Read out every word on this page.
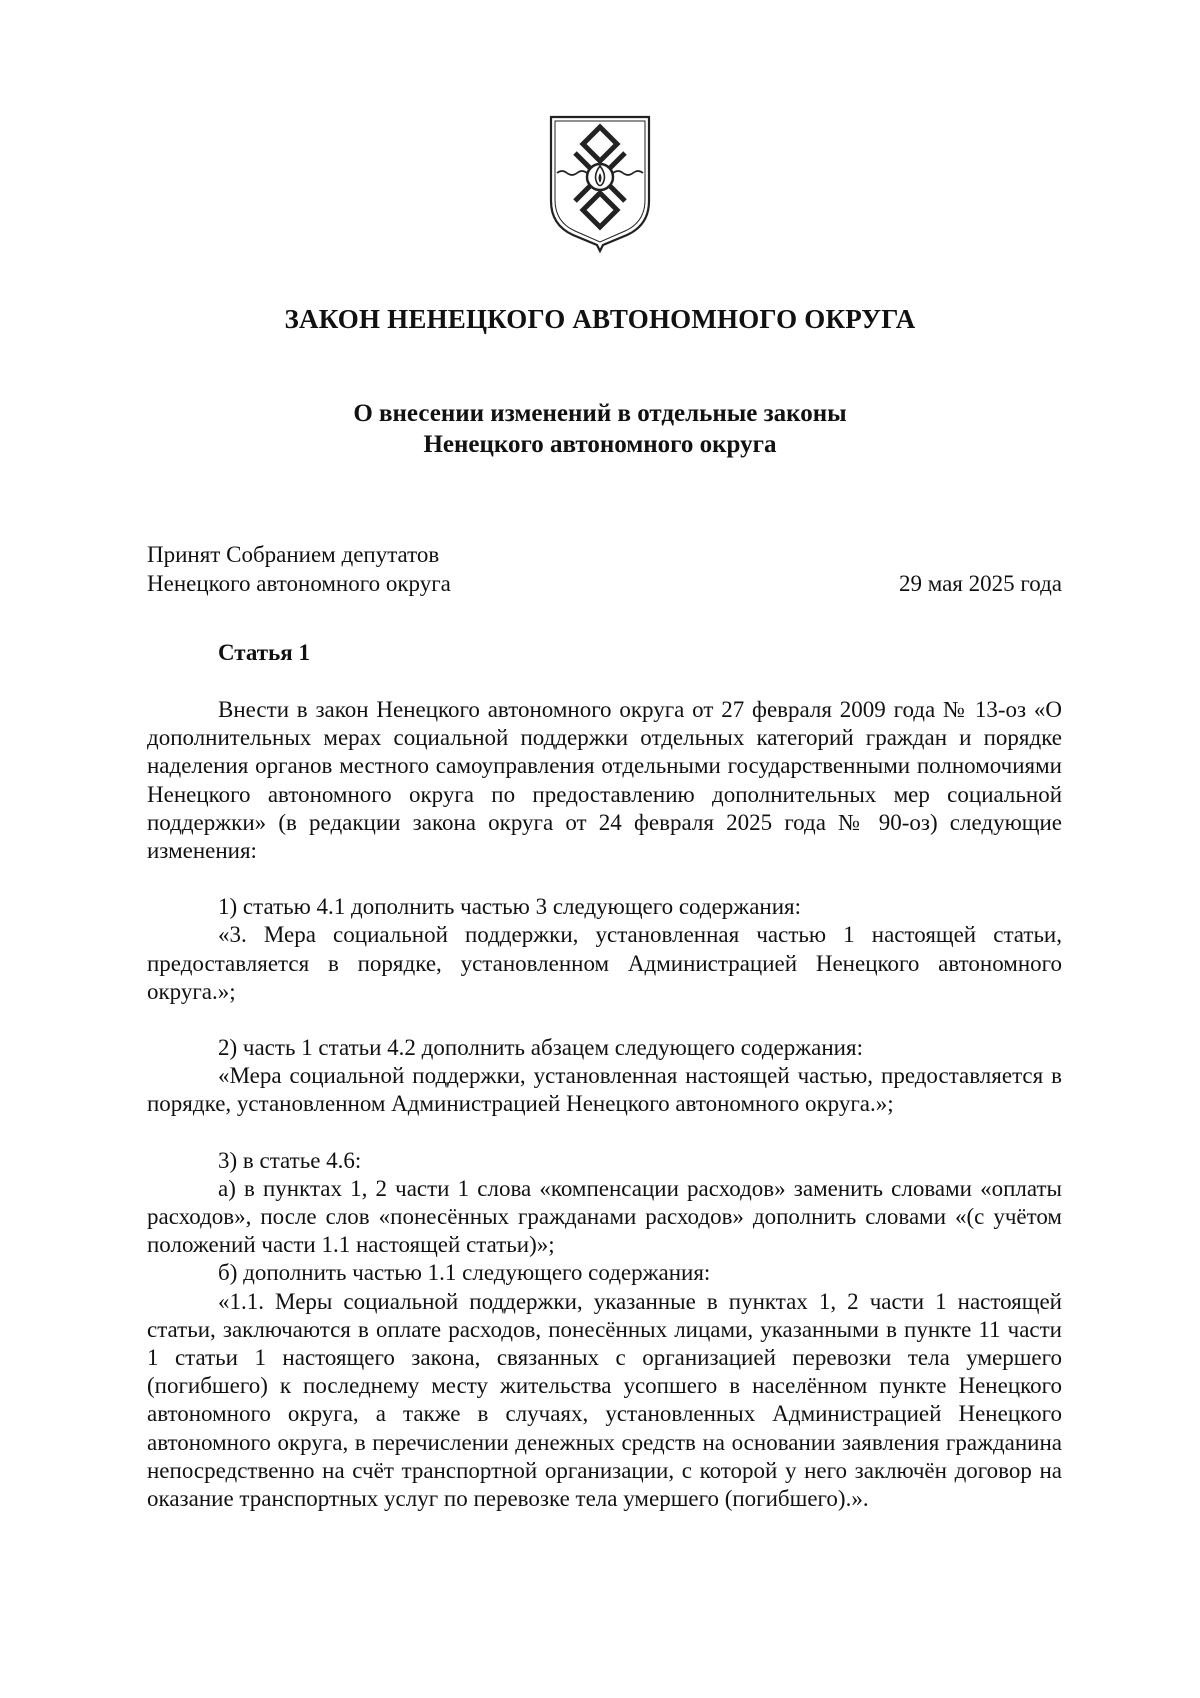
ЗАКОН НЕНЕЦКОГО АВТОНОМНОГО ОКРУГА
О внесении изменений в отдельные законы
Ненецкого автономного округа
Принят Собранием депутатов
Ненецкого автономного округа	29 мая 2025 года
Статья 1

Внести в закон Ненецкого автономного округа от 27 февраля 2009 года № 13-оз «О дополнительных мерах социальной поддержки отдельных категорий граждан и порядке наделения органов местного самоуправления отдельными государственными полномочиями Ненецкого автономного округа по предоставлению дополнительных мер социальной поддержки» (в редакции закона округа от 24 февраля 2025 года № 90-оз) следующие изменения:

1) статью 4.1 дополнить частью 3 следующего содержания:

«3. Мера социальной поддержки, установленная частью 1 настоящей статьи, предоставляется в порядке, установленном Администрацией Ненецкого автономного округа.»;

2) часть 1 статьи 4.2 дополнить абзацем следующего содержания:

«Мера социальной поддержки, установленная настоящей частью, предоставляется в порядке, установленном Администрацией Ненецкого автономного округа.»;

3) в статье 4.6:

а) в пунктах 1, 2 части 1 слова «компенсации расходов» заменить словами «оплаты расходов», после слов «понесённых гражданами расходов» дополнить словами «(с учётом положений части 1.1 настоящей статьи)»;

б) дополнить частью 1.1 следующего содержания:

«1.1. Меры социальной поддержки, указанные в пунктах 1, 2 части 1 настоящей статьи, заключаются в оплате расходов, понесённых лицами, указанными в пункте 11 части 1 статьи 1 настоящего закона, связанных с организацией перевозки тела умершего (погибшего) к последнему месту жительства усопшего в населённом пункте Ненецкого автономного округа, а также в случаях, установленных Администрацией Ненецкого автономного округа, в перечислении денежных средств на основании заявления гражданина непосредственно на счёт транспортной организации, с которой у него заключён договор на оказание транспортных услуг по перевозке тела умершего (погибшего).».
